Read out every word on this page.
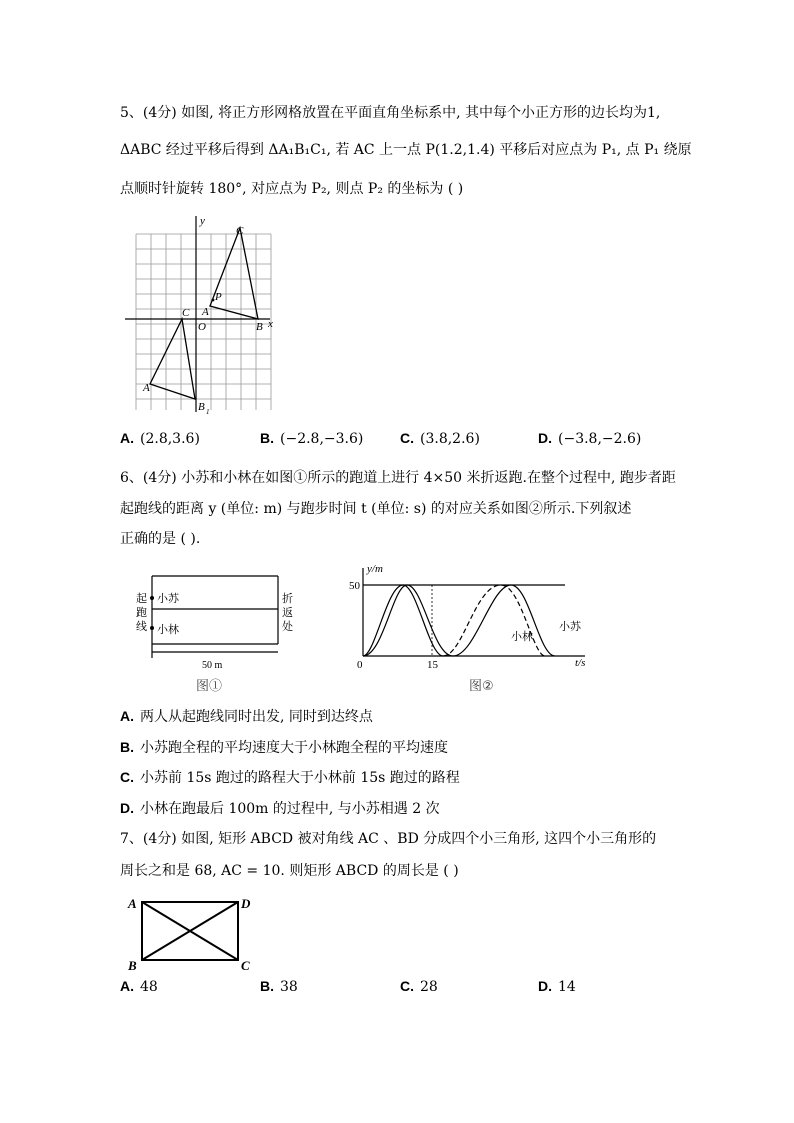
5、(4分) 如图, 将正方形网格放置在平面直角坐标系中, 其中每个小正方形的边长均为1,
ΔABC 经过平移后得到 ΔA₁B₁C₁, 若 AC 上一点 P(1.2,1.4) 平移后对应点为 P₁, 点 P₁ 绕原
点顺时针旋转 180°, 对应点为 P₂, 则点 P₂ 的坐标为 ( )
y
x
C
A
P
O	B
C
A
B 1
A. (2.8,3.6)	B. (−2.8,−3.6)	C. (3.8,2.6)	D. (−3.8,−2.6)
6、(4分) 小苏和小林在如图①所示的跑道上进行 4×50 米折返跑.在整个过程中, 跑步者距
起跑线的距离 y (单位: m) 与跑步时间 t (单位: s) 的对应关系如图②所示.下列叙述
正确的是 ( ).
起
跑
线
折
返
处
小苏
小林
50 m
图①
y/m
50
0	15	t/s
小苏
小林
图②
A. 两人从起跑线同时出发, 同时到达终点
B. 小苏跑全程的平均速度大于小林跑全程的平均速度
C. 小苏前 15s 跑过的路程大于小林前 15s 跑过的路程
D. 小林在跑最后 100m 的过程中, 与小苏相遇 2 次
7、(4分) 如图, 矩形 ABCD 被对角线 AC 、BD 分成四个小三角形, 这四个小三角形的
周长之和是 68, AC = 10. 则矩形 ABCD 的周长是 ( )
A	D
B	C
A. 48	B. 38	C. 28	D. 14
